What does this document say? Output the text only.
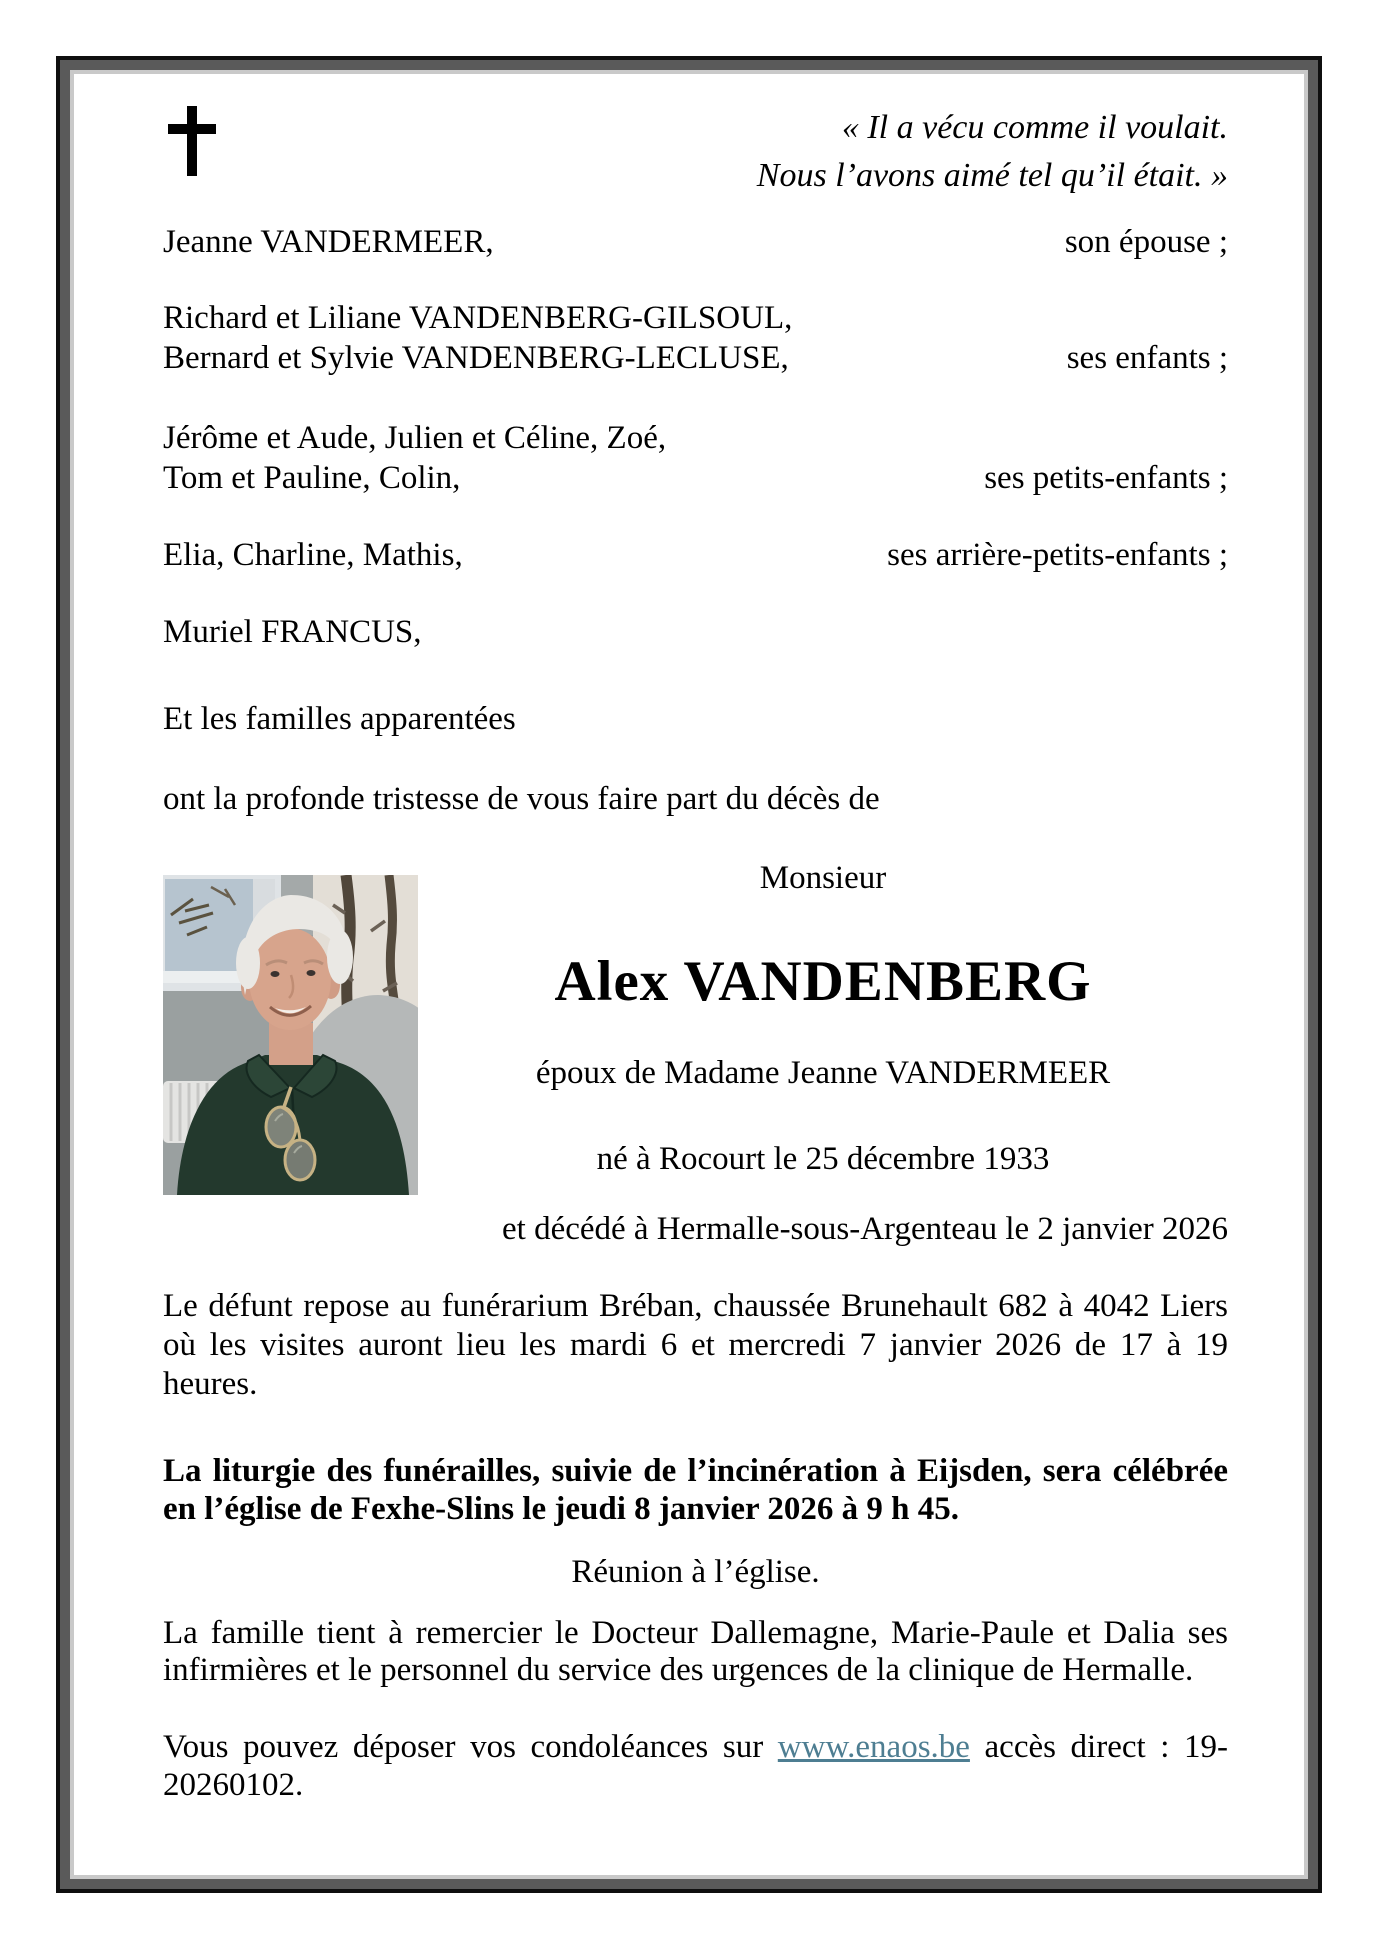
« Il a vécu comme il voulait.
Nous l’avons aimé tel qu’il était. »
Jeanne VANDERMEER,	son épouse ;
Richard et Liliane VANDENBERG-GILSOUL,
Bernard et Sylvie VANDENBERG-LECLUSE,	ses enfants ;
Jérôme et Aude, Julien et Céline, Zoé,
Tom et Pauline, Colin,	ses petits-enfants ;
Elia, Charline, Mathis,	ses arrière-petits-enfants ;
Muriel FRANCUS,
Et les familles apparentées
ont la profonde tristesse de vous faire part du décès de
Monsieur
Alex VANDENBERG
époux de Madame Jeanne VANDERMEER
né à Rocourt le 25 décembre 1933
et décédé à Hermalle-sous-Argenteau le 2 janvier 2026
Le défunt repose au funérarium Bréban, chaussée Brunehault 682 à 4042 Liers où les visites auront lieu les mardi 6 et mercredi 7 janvier 2026 de 17 à 19 heures.
La liturgie des funérailles, suivie de l’incinération à Eijsden, sera célébrée en l’église de Fexhe-Slins le jeudi 8 janvier 2026 à 9 h 45.
Réunion à l’église.
La famille tient à remercier le Docteur Dallemagne, Marie-Paule et Dalia ses infirmières et le personnel du service des urgences de la clinique de Hermalle.
Vous pouvez déposer vos condoléances sur www.enaos.be accès direct : 19-20260102.
